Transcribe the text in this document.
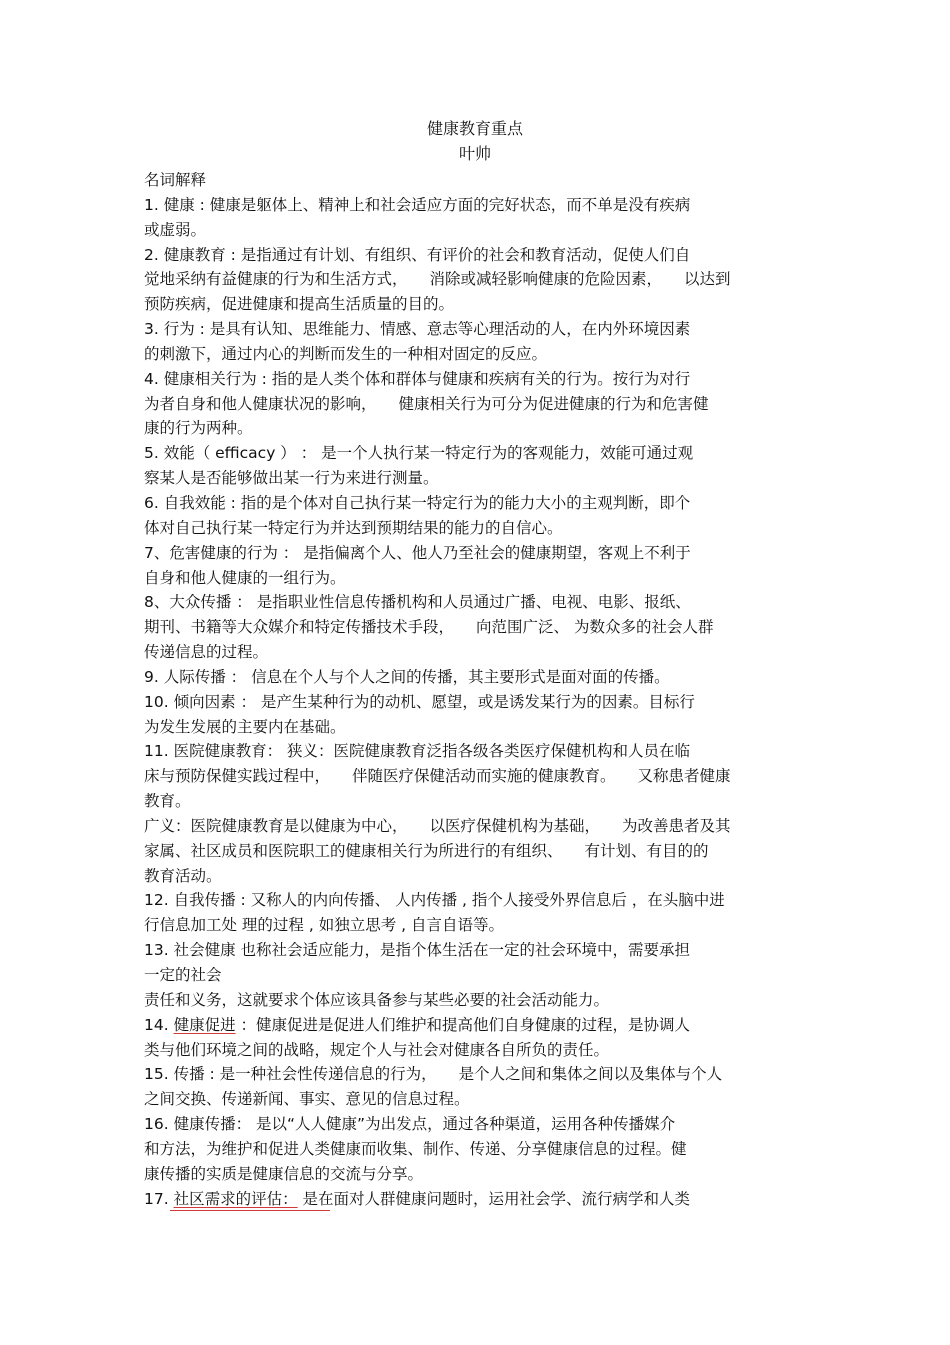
健康教育重点
叶帅
名词解释
1. 健康 : 健康是躯体上、精神上和社会适应方面的完好状态，而不单是没有疾病
或虚弱。
2. 健康教育 : 是指通过有计划、有组织、有评价的社会和教育活动，促使人们自
觉地采纳有益健康的行为和生活方式， 消除或减轻影响健康的危险因素， 以达到
预防疾病，促进健康和提高生活质量的目的。
3. 行为 : 是具有认知、思维能力、情感、意志等心理活动的人，在内外环境因素
的刺激下，通过内心的判断而发生的一种相对固定的反应。
4. 健康相关行为 : 指的是人类个体和群体与健康和疾病有关的行为。按行为对行
为者自身和他人健康状况的影响， 健康相关行为可分为促进健康的行为和危害健
康的行为两种。
5. 效能（ efficacy ） ： 是一个人执行某一特定行为的客观能力，效能可通过观
察某人是否能够做出某一行为来进行测量。
6. 自我效能 : 指的是个体对自己执行某一特定行为的能力大小的主观判断，即个
体对自己执行某一特定行为并达到预期结果的能力的自信心。
7、危害健康的行为 ： 是指偏离个人、他人乃至社会的健康期望，客观上不利于
自身和他人健康的一组行为。
8、大众传播 ： 是指职业性信息传播机构和人员通过广播、电视、电影、报纸、
期刊、书籍等大众媒介和特定传播技术手段， 向范围广泛、 为数众多的社会人群
传递信息的过程。
9. 人际传播 ： 信息在个人与个人之间的传播，其主要形式是面对面的传播。
10. 倾向因素 ： 是产生某种行为的动机、愿望，或是诱发某行为的因素。目标行
为发生发展的主要内在基础。
11. 医院健康教育： 狭义：医院健康教育泛指各级各类医疗保健机构和人员在临
床与预防保健实践过程中， 伴随医疗保健活动而实施的健康教育。 又称患者健康
教育。
广义：医院健康教育是以健康为中心， 以医疗保健机构为基础， 为改善患者及其
家属、社区成员和医院职工的健康相关行为所进行的有组织、 有计划、有目的的
教育活动。
12. 自我传播 : 又称人的内向传播、 人内传播 , 指个人接受外界信息后 ，在头脑中进
行信息加工处 理的过程 , 如独立思考 , 自言自语等。
13. 社会健康 也称社会适应能力，是指个体生活在一定的社会环境中，需要承担
一定的社会
责任和义务，这就要求个体应该具备参与某些必要的社会活动能力。
14. 健康促进 ：健康促进是促进人们维护和提高他们自身健康的过程，是协调人
类与他们环境之间的战略，规定个人与社会对健康各自所负的责任。
15. 传播 : 是一种社会性传递信息的行为， 是个人之间和集体之间以及集体与个人
之间交换、传递新闻、事实、意见的信息过程。
16. 健康传播： 是以“人人健康”为出发点，通过各种渠道，运用各种传播媒介
和方法，为维护和促进人类健康而收集、制作、传递、分享健康信息的过程。健
康传播的实质是健康信息的交流与分享。
17. 社区需求的评估： 是在面对人群健康问题时，运用社会学、流行病学和人类
